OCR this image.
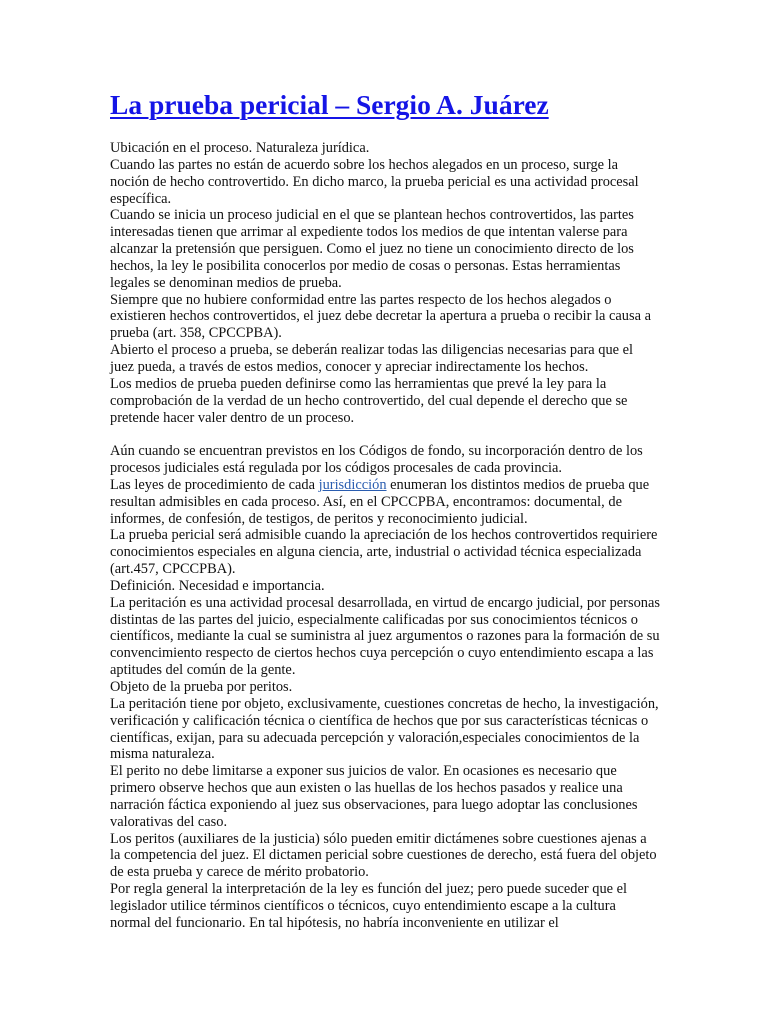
La prueba pericial – Sergio A. Juárez

Ubicación en el proceso. Naturaleza jurídica.

Cuando las partes no están de acuerdo sobre los hechos alegados en un proceso, surge la noción de hecho controvertido. En dicho marco, la prueba pericial es una actividad procesal específica.

Cuando se inicia un proceso judicial en el que se plantean hechos controvertidos, las partes interesadas tienen que arrimar al expediente todos los medios de que intentan valerse para alcanzar la pretensión que persiguen. Como el juez no tiene un conocimiento directo de los hechos, la ley le posibilita conocerlos por medio de cosas o personas. Estas herramientas legales se denominan medios de prueba.

Siempre que no hubiere conformidad entre las partes respecto de los hechos alegados o existieren hechos controvertidos, el juez debe decretar la apertura a prueba o recibir la causa a prueba (art. 358, CPCCPBA).

Abierto el proceso a prueba, se deberán realizar todas las diligencias necesarias para que el juez pueda, a través de estos medios, conocer y apreciar indirectamente los hechos.

Los medios de prueba pueden definirse como las herramientas que prevé la ley para la comprobación de la verdad de un hecho controvertido, del cual depende el derecho que se pretende hacer valer dentro de un proceso.

Aún cuando se encuentran previstos en los Códigos de fondo, su incorporación dentro de los procesos judiciales está regulada por los códigos procesales de cada provincia.

Las leyes de procedimiento de cada jurisdicción enumeran los distintos medios de prueba que resultan admisibles en cada proceso. Así, en el CPCCPBA, encontramos: documental, de informes, de confesión, de testigos, de peritos y reconocimiento judicial.

La prueba pericial será admisible cuando la apreciación de los hechos controvertidos requiriere conocimientos especiales en alguna ciencia, arte, industrial o actividad técnica especializada (art.457, CPCCPBA).

Definición. Necesidad e importancia.

La peritación es una actividad procesal desarrollada, en virtud de encargo judicial, por personas distintas de las partes del juicio, especialmente calificadas por sus conocimientos técnicos o científicos, mediante la cual se suministra al juez argumentos o razones para la formación de su convencimiento respecto de ciertos hechos cuya percepción o cuyo entendimiento escapa a las aptitudes del común de la gente.

Objeto de la prueba por peritos.

La peritación tiene por objeto, exclusivamente, cuestiones concretas de hecho, la investigación, verificación y calificación técnica o científica de hechos que por sus características técnicas o científicas, exijan, para su adecuada percepción y valoración,especiales conocimientos de la misma naturaleza.

El perito no debe limitarse a exponer sus juicios de valor. En ocasiones es necesario que primero observe hechos que aun existen o las huellas de los hechos pasados y realice una narración fáctica exponiendo al juez sus observaciones, para luego adoptar las conclusiones valorativas del caso.

Los peritos (auxiliares de la justicia) sólo pueden emitir dictámenes sobre cuestiones ajenas a la competencia del juez. El dictamen pericial sobre cuestiones de derecho, está fuera del objeto de esta prueba y carece de mérito probatorio.

Por regla general la interpretación de la ley es función del juez; pero puede suceder que el legislador utilice términos científicos o técnicos, cuyo entendimiento escape a la cultura normal del funcionario. En tal hipótesis, no habría inconveniente en utilizar el
